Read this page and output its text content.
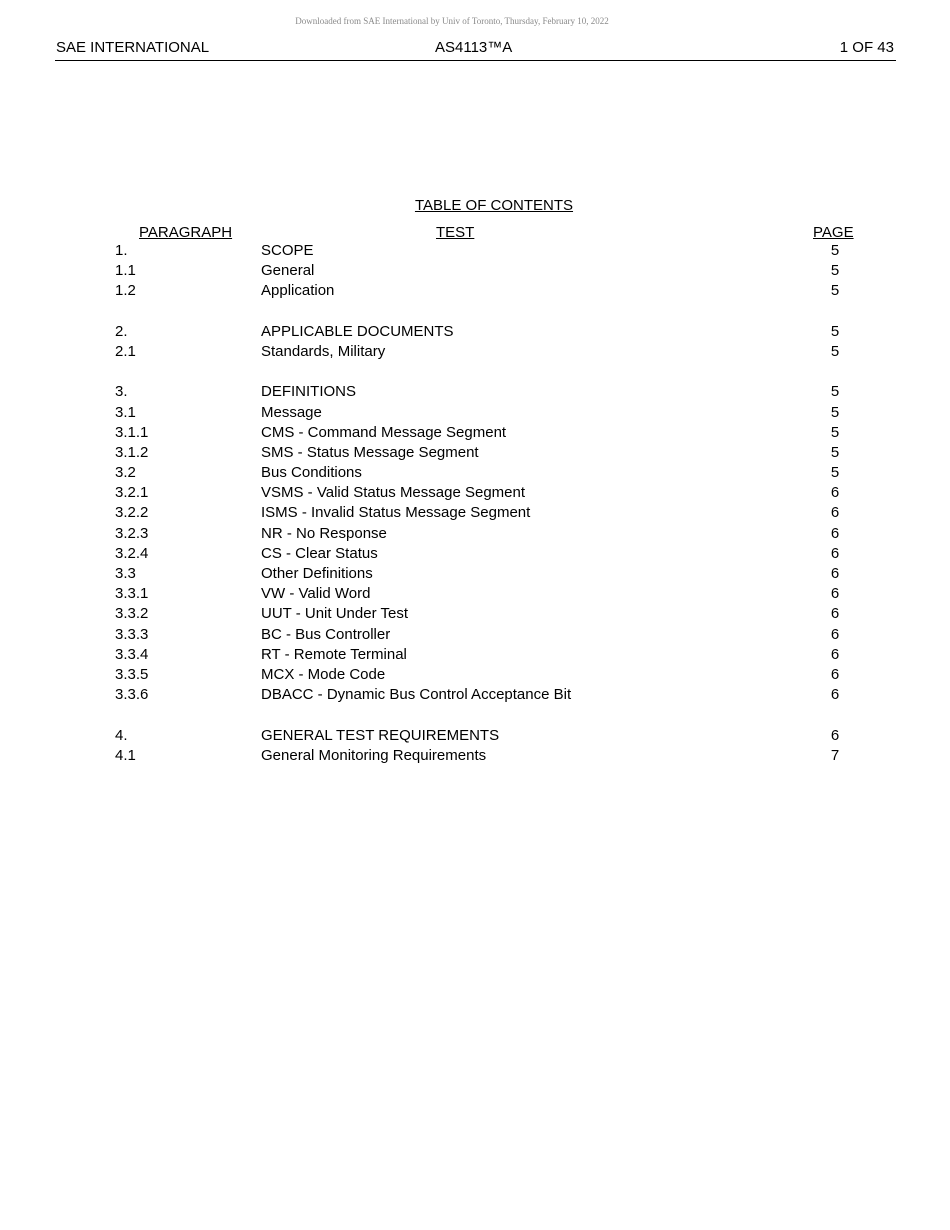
Downloaded from SAE International by Univ of Toronto, Thursday, February 10, 2022
SAE INTERNATIONAL	AS4113™A	1 OF 43
TABLE OF CONTENTS
PARAGRAPH	TEST	PAGE
1.	SCOPE	5
1.1	General	5
1.2	Application	5
2.	APPLICABLE DOCUMENTS	5
2.1	Standards, Military	5
3.	DEFINITIONS	5
3.1	Message	5
3.1.1	CMS - Command Message Segment	5
3.1.2	SMS - Status Message Segment	5
3.2	Bus Conditions	5
3.2.1	VSMS - Valid Status Message Segment	6
3.2.2	ISMS - Invalid Status Message Segment	6
3.2.3	NR - No Response	6
3.2.4	CS - Clear Status	6
3.3	Other Definitions	6
3.3.1	VW - Valid Word	6
3.3.2	UUT - Unit Under Test	6
3.3.3	BC - Bus Controller	6
3.3.4	RT - Remote Terminal	6
3.3.5	MCX - Mode Code	6
3.3.6	DBACC - Dynamic Bus Control Acceptance Bit	6
4.	GENERAL TEST REQUIREMENTS	6
4.1	General Monitoring Requirements	7
